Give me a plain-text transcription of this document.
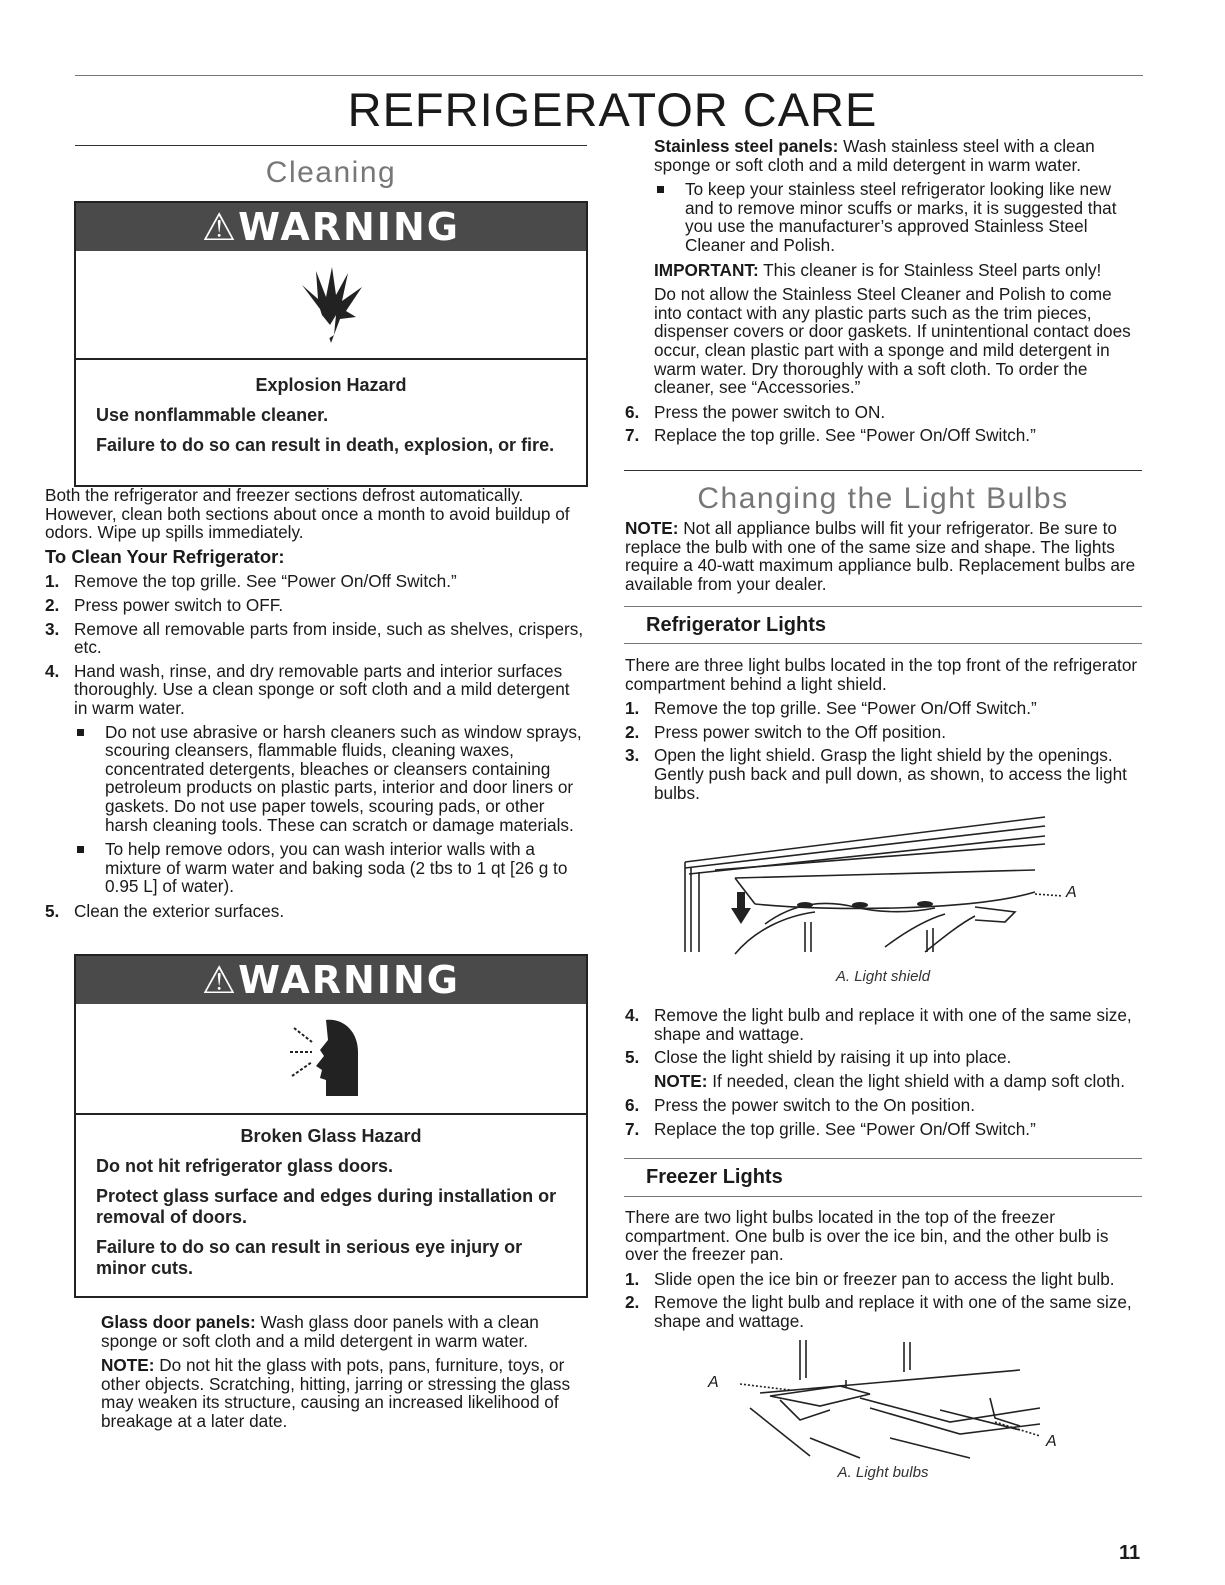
REFRIGERATOR CARE
Cleaning
⚠WARNING

Explosion Hazard

Use nonflammable cleaner.

Failure to do so can result in death, explosion, or fire.

Both the refrigerator and freezer sections defrost automatically. However, clean both sections about once a month to avoid buildup of odors. Wipe up spills immediately.

To Clean Your Refrigerator:

1. Remove the top grille. See “Power On/Off Switch.”
2. Press power switch to OFF.
3. Remove all removable parts from inside, such as shelves, crispers, etc.
4. Hand wash, rinse, and dry removable parts and interior surfaces thoroughly. Use a clean sponge or soft cloth and a mild detergent in warm water.
Do not use abrasive or harsh cleaners such as window sprays, scouring cleansers, flammable fluids, cleaning waxes, concentrated detergents, bleaches or cleansers containing petroleum products on plastic parts, interior and door liners or gaskets. Do not use paper towels, scouring pads, or other harsh cleaning tools. These can scratch or damage materials.
To help remove odors, you can wash interior walls with a mixture of warm water and baking soda (2 tbs to 1 qt [26 g to 0.95 L] of water).
5. Clean the exterior surfaces.
⚠WARNING

Broken Glass Hazard

Do not hit refrigerator glass doors.

Protect glass surface and edges during installation or removal of doors.

Failure to do so can result in serious eye injury or minor cuts.

Glass door panels: Wash glass door panels with a clean sponge or soft cloth and a mild detergent in warm water.

NOTE: Do not hit the glass with pots, pans, furniture, toys, or other objects. Scratching, hitting, jarring or stressing the glass may weaken its structure, causing an increased likelihood of breakage at a later date.

Stainless steel panels: Wash stainless steel with a clean sponge or soft cloth and a mild detergent in warm water.

To keep your stainless steel refrigerator looking like new and to remove minor scuffs or marks, it is suggested that you use the manufacturer’s approved Stainless Steel Cleaner and Polish.

IMPORTANT: This cleaner is for Stainless Steel parts only!

Do not allow the Stainless Steel Cleaner and Polish to come into contact with any plastic parts such as the trim pieces, dispenser covers or door gaskets. If unintentional contact does occur, clean plastic part with a sponge and mild detergent in warm water. Dry thoroughly with a soft cloth. To order the cleaner, see “Accessories.”

6. Press the power switch to ON.
7. Replace the top grille. See “Power On/Off Switch.”
Changing the Light Bulbs

NOTE: Not all appliance bulbs will fit your refrigerator. Be sure to replace the bulb with one of the same size and shape. The lights require a 40-watt maximum appliance bulb. Replacement bulbs are available from your dealer.

Refrigerator Lights

There are three light bulbs located in the top front of the refrigerator compartment behind a light shield.

1. Remove the top grille. See “Power On/Off Switch.”
2. Press power switch to the Off position.
3. Open the light shield. Grasp the light shield by the openings. Gently push back and pull down, as shown, to access the light bulbs.
A
A. Light shield
4. Remove the light bulb and replace it with one of the same size, shape and wattage.
5. Close the light shield by raising it up into place.

NOTE: If needed, clean the light shield with a damp soft cloth.

6. Press the power switch to the On position.
7. Replace the top grille. See “Power On/Off Switch.”
Freezer Lights

There are two light bulbs located in the top of the freezer compartment. One bulb is over the ice bin, and the other bulb is over the freezer pan.

1. Slide open the ice bin or freezer pan to access the light bulb.
2. Remove the light bulb and replace it with one of the same size, shape and wattage.
A
A
A. Light bulbs
11
